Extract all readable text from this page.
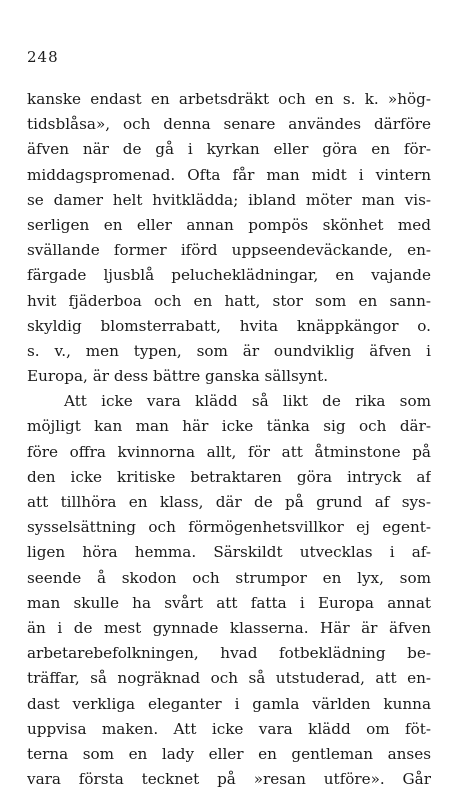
248
kanske endast en arbetsdräkt och en s. k. »hög-
tidsblåsa», och denna senare användes därföre
äfven när de gå i kyrkan eller göra en för-
middagspromenad. Ofta får man midt i vintern
se damer helt hvitklädda; ibland möter man vis-
serligen en eller annan pompös skönhet med
svällande former iförd uppseendeväckande, en-
färgade ljusblå pelucheklädningar, en vajande
hvit fjäderboa och en hatt, stor som en sann-
skyldig blomsterrabatt, hvita knäppkängor o.
s. v., men typen, som är oundviklig äfven i
Europa, är dess bättre ganska sällsynt.
Att icke vara klädd så likt de rika som
möjligt kan man här icke tänka sig och där-
före offra kvinnorna allt, för att åtminstone på
den icke kritiske betraktaren göra intryck af
att tillhöra en klass, där de på grund af sys-
sysselsättning och förmögenhetsvillkor ej egent-
ligen höra hemma. Särskildt utvecklas i af-
seende å skodon och strumpor en lyx, som
man skulle ha svårt att fatta i Europa annat
än i de mest gynnade klasserna. Här är äfven
arbetarebefolkningen, hvad fotbeklädning be-
träffar, så nogräknad och så utstuderad, att en-
dast verkliga eleganter i gamla världen kunna
uppvisa maken. Att icke vara klädd om föt-
terna som en lady eller en gentleman anses
vara första tecknet på »resan utföre». Går
